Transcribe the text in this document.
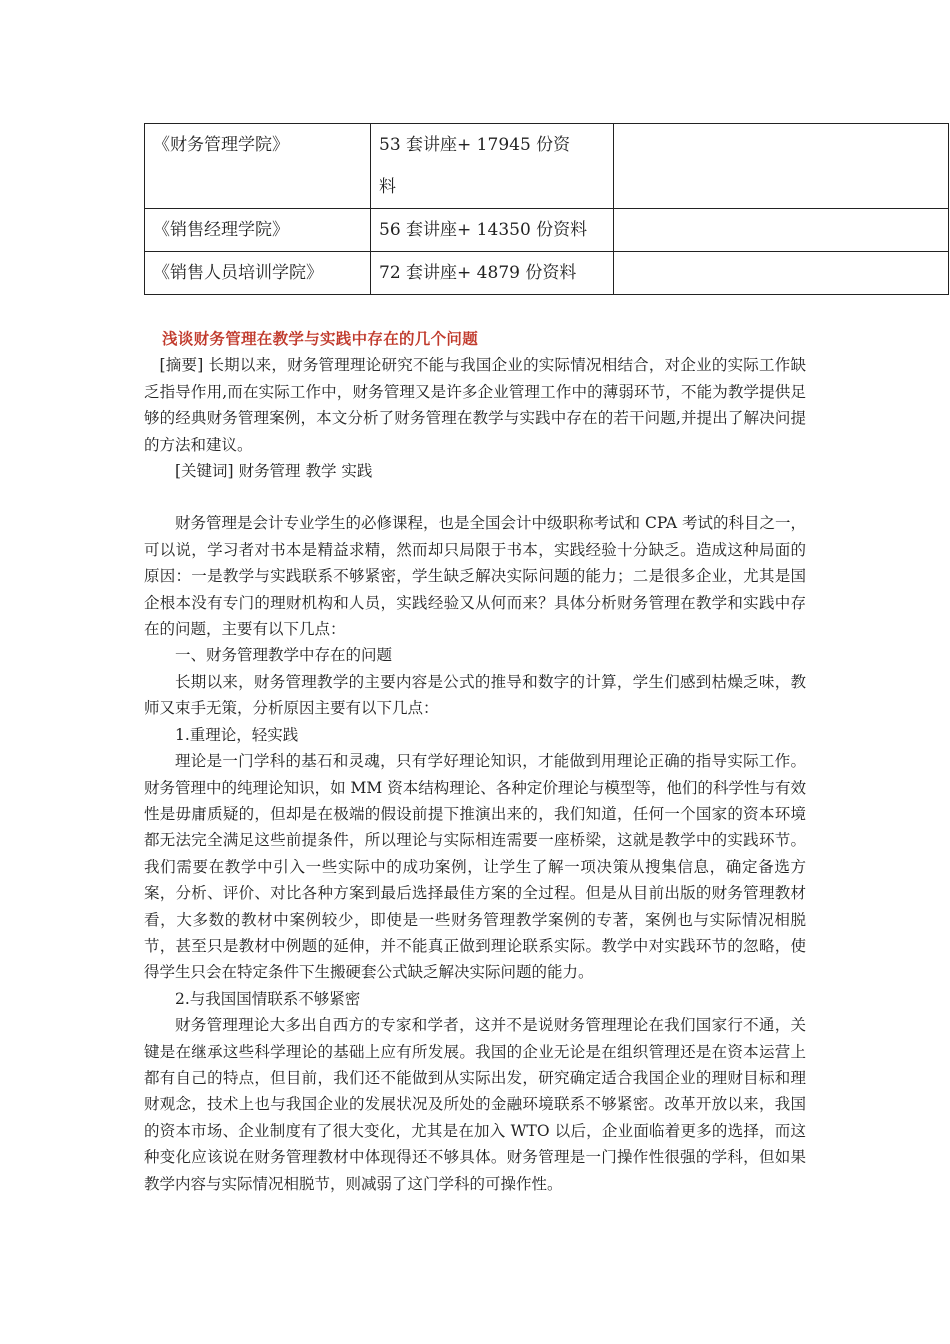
《财务管理学院》	53 套讲座+ 17945 份资料	
《销售经理学院》	56 套讲座+ 14350 份资料	
《销售人员培训学院》	72 套讲座+ 4879 份资料	

浅谈财务管理在教学与实践中存在的几个问题

[摘要] 长期以来，财务管理理论研究不能与我国企业的实际情况相结合，对企业的实际工作缺乏指导作用,而在实际工作中，财务管理又是许多企业管理工作中的薄弱环节，不能为教学提供足够的经典财务管理案例，本文分析了财务管理在教学与实践中存在的若干问题,并提出了解决问提的方法和建议。

[关键词] 财务管理 教学 实践

财务管理是会计专业学生的必修课程，也是全国会计中级职称考试和 CPA 考试的科目之一，可以说，学习者对书本是精益求精，然而却只局限于书本，实践经验十分缺乏。造成这种局面的原因：一是教学与实践联系不够紧密，学生缺乏解决实际问题的能力；二是很多企业，尤其是国企根本没有专门的理财机构和人员，实践经验又从何而来？具体分析财务管理在教学和实践中存在的问题，主要有以下几点：

一、财务管理教学中存在的问题

长期以来，财务管理教学的主要内容是公式的推导和数字的计算，学生们感到枯燥乏味，教师又束手无策，分析原因主要有以下几点：

1.重理论，轻实践

理论是一门学科的基石和灵魂，只有学好理论知识，才能做到用理论正确的指导实际工作。财务管理中的纯理论知识，如 MM 资本结构理论、各种定价理论与模型等，他们的科学性与有效性是毋庸质疑的，但却是在极端的假设前提下推演出来的，我们知道，任何一个国家的资本环境都无法完全满足这些前提条件，所以理论与实际相连需要一座桥梁，这就是教学中的实践环节。我们需要在教学中引入一些实际中的成功案例，让学生了解一项决策从搜集信息，确定备选方案，分析、评价、对比各种方案到最后选择最佳方案的全过程。但是从目前出版的财务管理教材看，大多数的教材中案例较少，即使是一些财务管理教学案例的专著，案例也与实际情况相脱节，甚至只是教材中例题的延伸，并不能真正做到理论联系实际。教学中对实践环节的忽略，使得学生只会在特定条件下生搬硬套公式缺乏解决实际问题的能力。

2.与我国国情联系不够紧密

财务管理理论大多出自西方的专家和学者，这并不是说财务管理理论在我们国家行不通，关键是在继承这些科学理论的基础上应有所发展。我国的企业无论是在组织管理还是在资本运营上都有自己的特点，但目前，我们还不能做到从实际出发，研究确定适合我国企业的理财目标和理财观念，技术上也与我国企业的发展状况及所处的金融环境联系不够紧密。改革开放以来，我国的资本市场、企业制度有了很大变化，尤其是在加入 WTO 以后，企业面临着更多的选择，而这种变化应该说在财务管理教材中体现得还不够具体。财务管理是一门操作性很强的学科，但如果教学内容与实际情况相脱节，则减弱了这门学科的可操作性。
